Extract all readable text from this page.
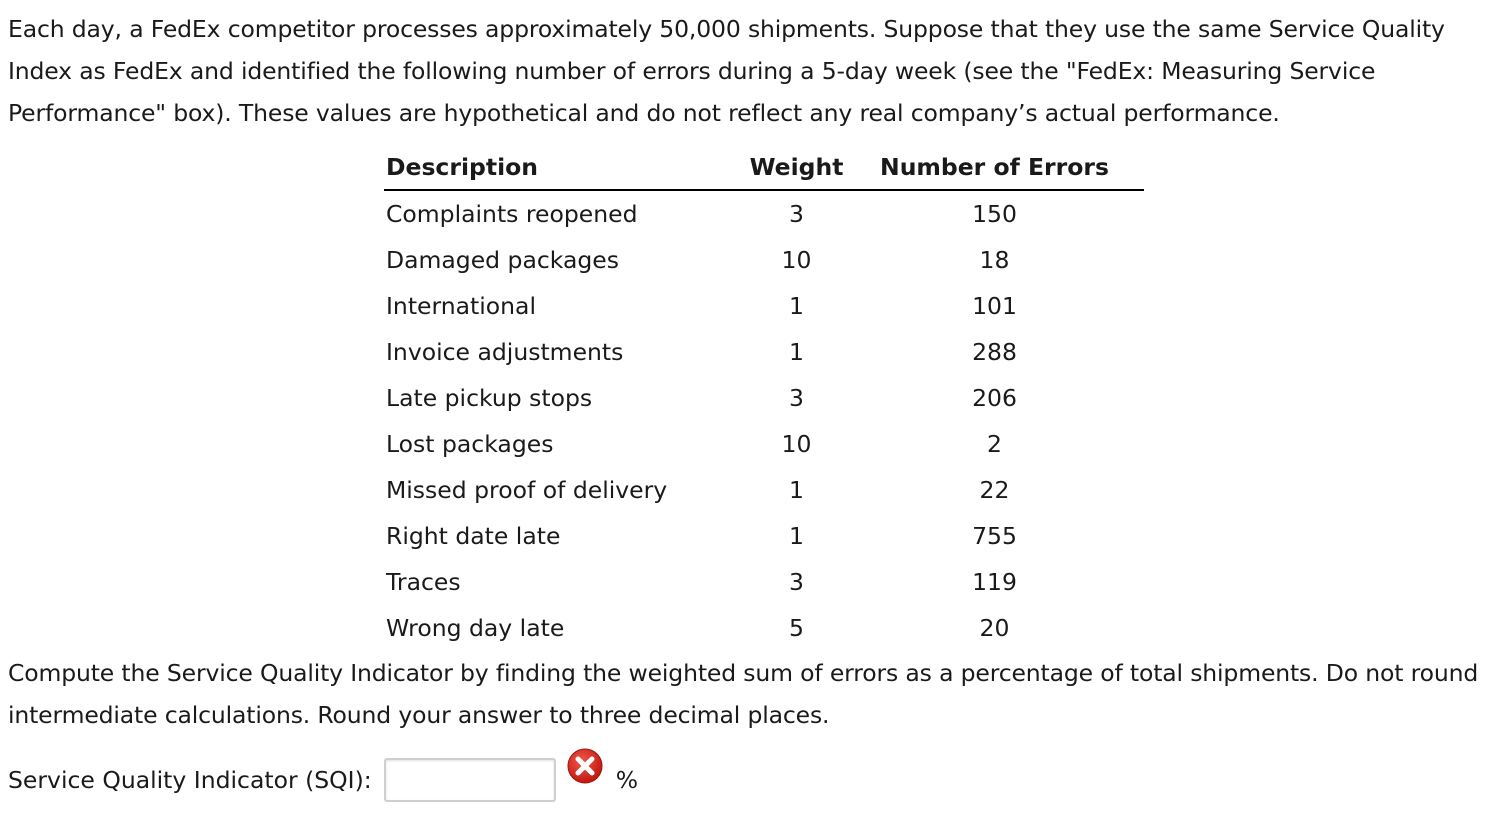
Each day, a FedEx competitor processes approximately 50,000 shipments. Suppose that they use the same Service Quality Index as FedEx and identified the following number of errors during a 5-day week (see the "FedEx: Measuring Service Performance" box). These values are hypothetical and do not reflect any real company’s actual performance.

Description	Weight	Number of Errors
Complaints reopened	3	150
Damaged packages	10	18
International	1	101
Invoice adjustments	1	288
Late pickup stops	3	206
Lost packages	10	2
Missed proof of delivery	1	22
Right date late	1	755
Traces	3	119
Wrong day late	5	20

Compute the Service Quality Indicator by finding the weighted sum of errors as a percentage of total shipments. Do not round intermediate calculations. Round your answer to three decimal places.

Service Quality Indicator (SQI):	%
